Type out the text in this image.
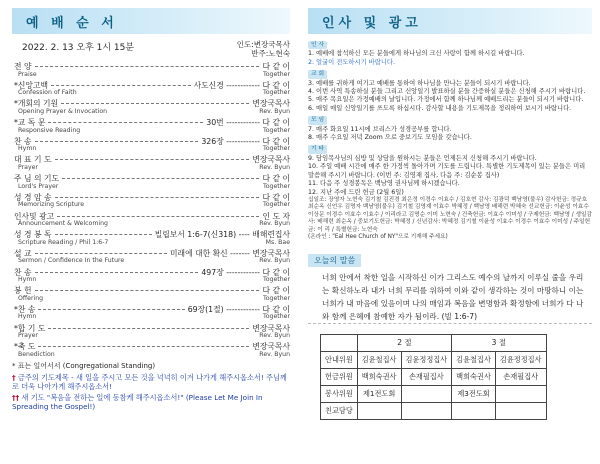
예 배 순 서
2022. 2. 13 오후 1시 15분	인도:변장국목사
반주:노현숙
전 양	다 같 이
Praise	Together
*신앙고백	사도신경 ------------ 다 같 이
Confession of Faith	Together
*개회의 기원	변장국목사
Opening Prayer & Invocation	Rev. Byun
*교 독 문	30번 ------------ 다 같 이
Responsive Reading	Together
찬 송	326장 ------------ 다 같 이
Hymn	Together
대 표 기 도	변장국목사
Prayer	Rev. Byun
주 님 의 기도	다 같 이
Lord's Prayer	Together
성 경 암 송	다 같 이
Memorizing Scripture	Together
인사및 광고	인 도 자
Announcement & Welcoming	Rev. Byun
성 경 봉 독	빌립보서 1:6-7(신318) ---- 배해련집사
Scripture Reading / Phil 1:6-7	Ms. Bae
설 교	미래에 대한 확신 ------- 변장국목사
Sermon / Confidence In the Future	Rev. Byun
찬 송	497장 ------------ 다 같 이
Hymn	Together
봉 헌	다 같 이
Offering	Together
*찬 송	69장(1절) ------------ 다 같 이
Hymn	Together
*합 기 도	변장국목사
Prayer	Rev. Byun
*축 도	변장국목사
Benediction	Rev. Byun
* 표는 일어서서 (Congregational Standing)
† 금주의 기도제목 - 새 일을 주시고 모든 것을 넉넉히 이겨 나가게 해주시옵소서! 주님께로 더욱 나아가게 해주시옵소서!
†† 새 기도 "복음을 전하는 일에 동참케 해주시옵소서!" (Please Let Me Join In Spreading the Gospel!)
인사 및 광고
인 사

1. 예배에 참석하신 모든 분들에게 하나님의 크신 사랑이 함께 하시길 바랍니다.

2. 얼굴이 전도하시기 바랍니다.

교 회

3. 예배를 귀하게 여기고 예배를 통하여 하나님을 만나는 분들이 되시기 바랍니다.

4. 이번 사역 특송하실 분들 그리고 신앙일기 발표하실 분들 간증하실 분들은 신청해 주시기 바랍니다.

5. 매주 목요일은 가정예배의 날입니다. 가정에서 함께 하나님께 예배드리는 분들이 되시기 바랍니다.

6. 매일 매일 신앙일기를 쓰도록 하십시다. 감사할 내용을 기도제목을 정리하여 보시기 바랍니다.

모 임

7. 매주 화요일 11시에 브리스가 성경공부를 합니다.

8. 매주 수요일 저녁 Zoom 으로 중보기도 모임을 갖습니다.

기 타

9. 담임목사님의 심방 및 상담을 원하시는 분들은 언제든지 신청해 주시기 바랍니다.

10. 주일 예배 시간에 매주 한 가정씩 돌아가며 기도를 드립니다. 특별한 기도제목이 있는 분들은 미리 말씀해 주시기 바랍니다. (이번 주: 김영재 집사, 다음 주: 김순봉 집사)

11. 다음 주 성경봉독은 백남영 권사님께 하시겠습니다.

12. 지난 주에 드린 헌금 (2월 6일)

십일조: 장영자 노현숙 김기철 김진경 최은정 이경수 이효수 / 김호현 감사: 김광덕 백남영(불우) 감사헌금: 정규호 최순옥 신언우 김명자 백남영(불우) 김기철 김영재 이효수 박혜정 / 백남영 배해련 박혜숙 선교헌금: 이윤성 이효수 이상문 이경수 이효수 이효수 / 이리라고 김명순 이미 노현숙 / 건축헌금: 이효수 이미성 / 구제헌금: 백남영 / 생일감사: 배해련 최순옥 / 중보기도헌금: 박혜정 / 신년감사: 박혜정 김기철 이윤성 이효수 이경수 이효수 이미성 / 주일헌금: 이 리 / 특별헌금: 노현숙

(온라인 : "Eal Hee Church of NY"으로 기재해 주세요)

오늘의 말씀
너희 안에서 착한 일을 시작하신 이가 그리스도 예수의 날까지 이루실 줄을 우리는 확신하노라 내가 너희 무리를 위하여 이와 같이 생각하는 것이 마땅하니 이는 너희가 내 마음에 있음이며 나의 매임과 복음을 변명함과 확정함에 너희가 다 나와 함께 은혜에 참예한 자가 됨이라. (빌 1:6-7)
	2 절		3 절	
안내위원	김윤철집사	김윤정정집사	김윤철집사	김윤정정집사
헌금위원	백희숙권사	손재필집사	백희숙권사	손재필집사
봉사위원	제1전도회		제3전도회	
친교담당				
